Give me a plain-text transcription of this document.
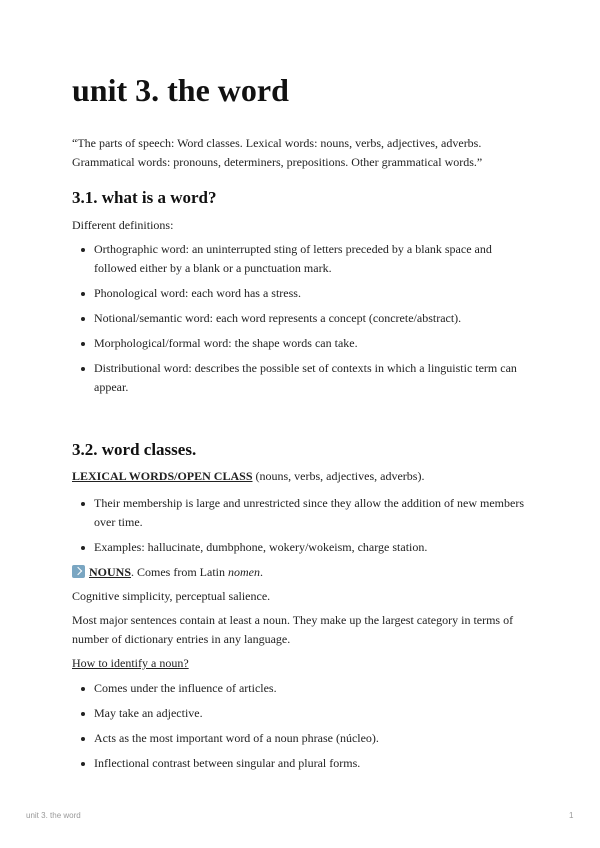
unit 3. the word

“The parts of speech: Word classes. Lexical words: nouns, verbs, adjectives, adverbs. Grammatical words: pronouns, determiners, prepositions. Other grammatical words.”

3.1. what is a word?

Different definitions:

Orthographic word: an uninterrupted sting of letters preceded by a blank space and followed either by a blank or a punctuation mark.
Phonological word: each word has a stress.
Notional/semantic word: each word represents a concept (concrete/abstract).
Morphological/formal word: the shape words can take.
Distributional word: describes the possible set of contexts in which a linguistic term can appear.
3.2. word classes.

LEXICAL WORDS/OPEN CLASS (nouns, verbs, adjectives, adverbs).

Their membership is large and unrestricted since they allow the addition of new members over time.
Examples: hallucinate, dumbphone, wokery/wokeism, charge station.

NOUNS. Comes from Latin nomen.

Cognitive simplicity, perceptual salience.

Most major sentences contain at least a noun. They make up the largest category in terms of number of dictionary entries in any language.

How to identify a noun?

Comes under the influence of articles.
May take an adjective.
Acts as the most important word of a noun phrase (núcleo).
Inflectional contrast between singular and plural forms.
unit 3. the word	1
